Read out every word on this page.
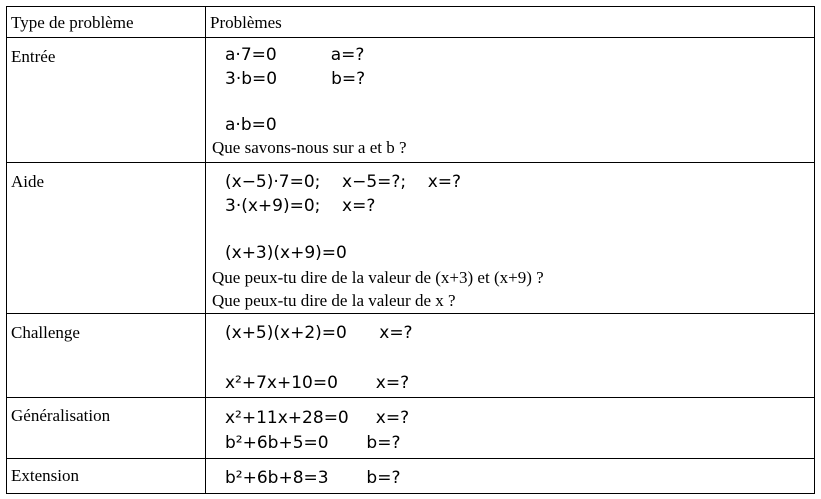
Type de problème	Problèmes
Entrée	a·7=0          a=?
3·b=0          b=?
a·b=0
Que savons-nous sur a et b ?
Aide	(x−5)·7=0;    x−5=?;    x=?
3·(x+9)=0;    x=?
(x+3)(x+9)=0
Que peux-tu dire de la valeur de (x+3) et (x+9) ?
Que peux-tu dire de la valeur de x ?
Challenge	(x+5)(x+2)=0      x=?
x²+7x+10=0       x=?
Généralisation	x²+11x+28=0     x=?
b²+6b+5=0       b=?
Extension	b²+6b+8=3       b=?
